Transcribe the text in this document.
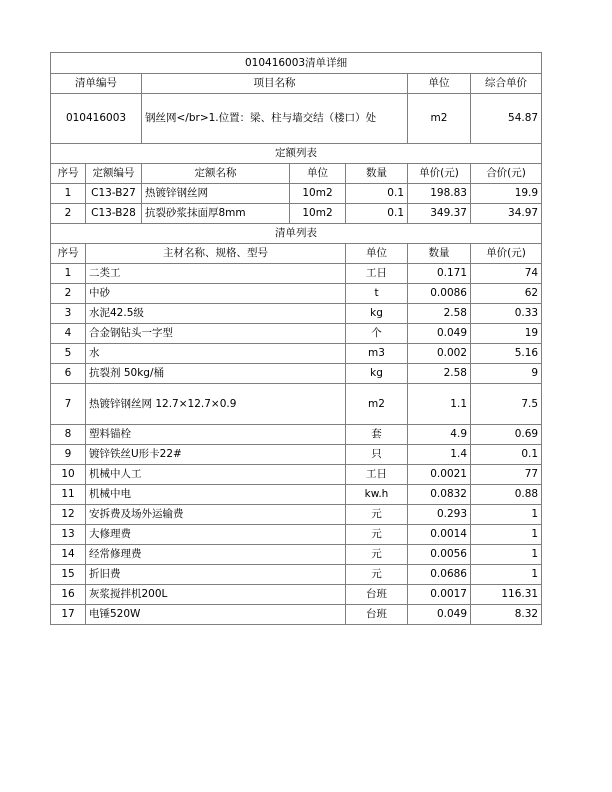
010416003清单详细							
清单编号		项目名称			单位	综合单价	
010416003		钢丝网</br>1.位置：梁、柱与墙交结（楼口）处			m2	54.87	
定额列表							
序号	定额编号	定额名称	单位	数量	单价(元)	合价(元)	
1	C13-B27	热镀锌钢丝网	10m2	0.1	198.83	19.9	
2	C13-B28	抗裂砂浆抹面厚8mm	10m2	0.1	349.37	34.97	
清单列表							
序号	主材名称、规格、型号			单位	数量	单价(元)	
1	二类工			工日	0.171	74	
2	中砂			t	0.0086	62	
3	水泥42.5级			kg	2.58	0.33	
4	合金钢钻头一字型			个	0.049	19	
5	水			m3	0.002	5.16	
6	抗裂剂 50kg/桶			kg	2.58	9	
7	热镀锌钢丝网 12.7×12.7×0.9			m2	1.1	7.5	
8	塑料锚栓			套	4.9	0.69	
9	镀锌铁丝U形卡22#			只	1.4	0.1	
10	机械中人工			工日	0.0021	77	
11	机械中电			kw.h	0.0832	0.88	
12	安拆费及场外运输费			元	0.293	1	
13	大修理费			元	0.0014	1	
14	经常修理费			元	0.0056	1	
15	折旧费			元	0.0686	1	
16	灰浆搅拌机200L			台班	0.0017	116.31	
17	电锤520W			台班	0.049	8.32	
